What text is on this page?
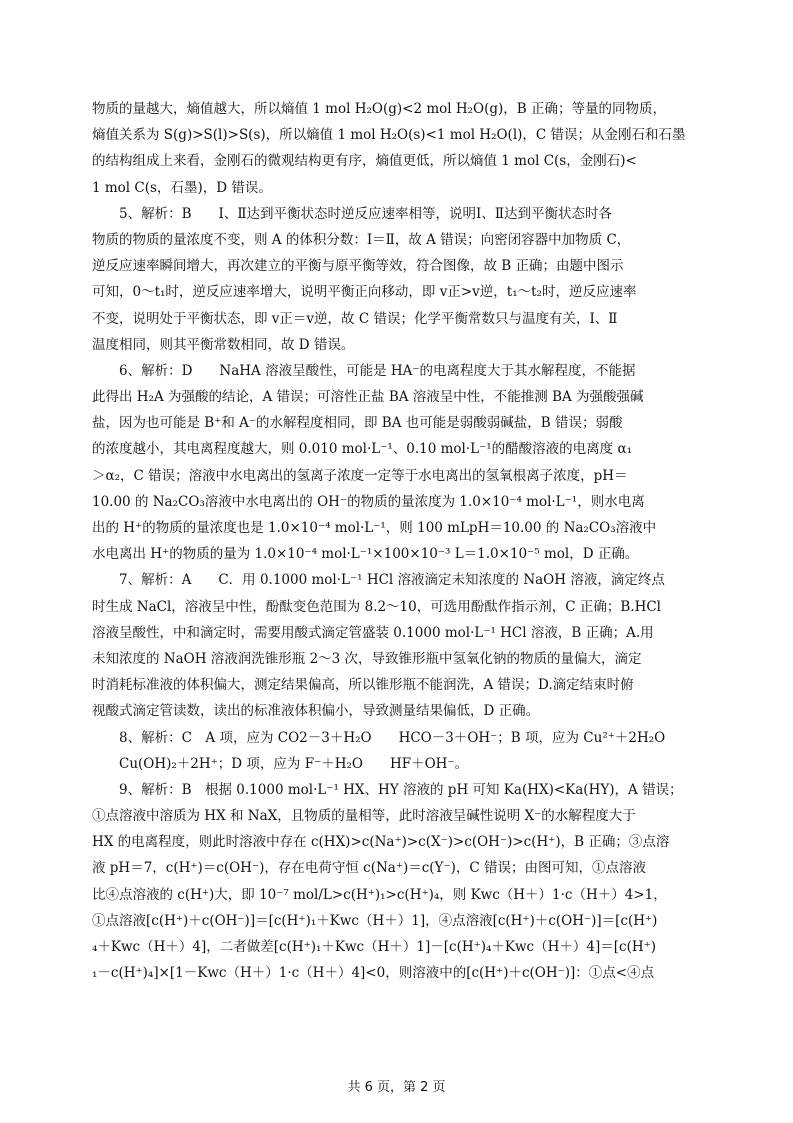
物质的量越大，熵值越大，所以熵值 1 mol H₂O(g)<2 mol H₂O(g)，B 正确；等量的同物质，
熵值关系为 S(g)>S(l)>S(s)，所以熵值 1 mol H₂O(s)<1 mol H₂O(l)，C 错误；从金刚石和石墨
的结构组成上来看，金刚石的微观结构更有序，熵值更低，所以熵值 1 mol C(s，金刚石)<
1 mol C(s，石墨)，D 错误。
5、解析：B　　Ⅰ、Ⅱ达到平衡状态时逆反应速率相等，说明Ⅰ、Ⅱ达到平衡状态时各
物质的物质的量浓度不变，则 A 的体积分数：Ⅰ＝Ⅱ，故 A 错误；向密闭容器中加物质 C，
逆反应速率瞬间增大，再次建立的平衡与原平衡等效，符合图像，故 B 正确；由题中图示
可知，0～t₁时，逆反应速率增大，说明平衡正向移动，即 v正>v逆，t₁～t₂时，逆反应速率
不变，说明处于平衡状态，即 v正＝v逆，故 C 错误；化学平衡常数只与温度有关，Ⅰ、Ⅱ
温度相同，则其平衡常数相同，故 D 错误。
6、解析：D　　NaHA 溶液呈酸性，可能是 HA⁻的电离程度大于其水解程度，不能据
此得出 H₂A 为强酸的结论，A 错误；可溶性正盐 BA 溶液呈中性，不能推测 BA 为强酸强碱
盐，因为也可能是 B⁺和 A⁻的水解程度相同，即 BA 也可能是弱酸弱碱盐，B 错误；弱酸
的浓度越小，其电离程度越大，则 0.010 mol·L⁻¹、0.10 mol·L⁻¹的醋酸溶液的电离度 α₁
＞α₂，C 错误；溶液中水电离出的氢离子浓度一定等于水电离出的氢氧根离子浓度，pH＝
10.00 的 Na₂CO₃溶液中水电离出的 OH⁻的物质的量浓度为 1.0×10⁻⁴ mol·L⁻¹，则水电离
出的 H⁺的物质的量浓度也是 1.0×10⁻⁴ mol·L⁻¹，则 100 mLpH＝10.00 的 Na₂CO₃溶液中
水电离出 H⁺的物质的量为 1.0×10⁻⁴ mol·L⁻¹×100×10⁻³ L＝1.0×10⁻⁵ mol，D 正确。
7、解析：A　　C．用 0.1000 mol·L⁻¹ HCl 溶液滴定未知浓度的 NaOH 溶液，滴定终点
时生成 NaCl，溶液呈中性，酚酞变色范围为 8.2～10，可选用酚酞作指示剂，C 正确；B.HCl
溶液呈酸性，中和滴定时，需要用酸式滴定管盛装 0.1000 mol·L⁻¹ HCl 溶液，B 正确；A.用
未知浓度的 NaOH 溶液润洗锥形瓶 2～3 次，导致锥形瓶中氢氧化钠的物质的量偏大，滴定
时消耗标准液的体积偏大，测定结果偏高，所以锥形瓶不能润洗，A 错误；D.滴定结束时俯
视酸式滴定管读数，读出的标准液体积偏小，导致测量结果偏低，D 正确。
8、解析：C　A 项，应为 CO2－3＋H₂O　　HCO－3＋OH⁻；B 项，应为 Cu²⁺＋2H₂O
Cu(OH)₂＋2H⁺；D 项，应为 F⁻＋H₂O　　HF＋OH⁻。
9、解析：B　根据 0.1000 mol·L⁻¹ HX、HY 溶液的 pH 可知 Ka(HX)<Ka(HY)，A 错误；
①点溶液中溶质为 HX 和 NaX，且物质的量相等，此时溶液呈碱性说明 X⁻的水解程度大于
HX 的电离程度，则此时溶液中存在 c(HX)>c(Na⁺)>c(X⁻)>c(OH⁻)>c(H⁺)，B 正确；③点溶
液 pH＝7，c(H⁺)＝c(OH⁻)，存在电荷守恒 c(Na⁺)＝c(Y⁻)，C 错误；由图可知，①点溶液
比④点溶液的 c(H⁺)大，即 10⁻⁷ mol/L>c(H⁺)₁>c(H⁺)₄，则 Kwc（H＋）1·c（H＋）4>1，
①点溶液[c(H⁺)＋c(OH⁻)]＝[c(H⁺)₁＋Kwc（H＋）1]，④点溶液[c(H⁺)＋c(OH⁻)]＝[c(H⁺)
₄＋Kwc（H＋）4]，二者做差[c(H⁺)₁＋Kwc（H＋）1]－[c(H⁺)₄＋Kwc（H＋）4]＝[c(H⁺)
₁－c(H⁺)₄]×[1－Kwc（H＋）1·c（H＋）4]<0，则溶液中的[c(H⁺)＋c(OH⁻)]：①点<④点
共 6 页，第 2 页
